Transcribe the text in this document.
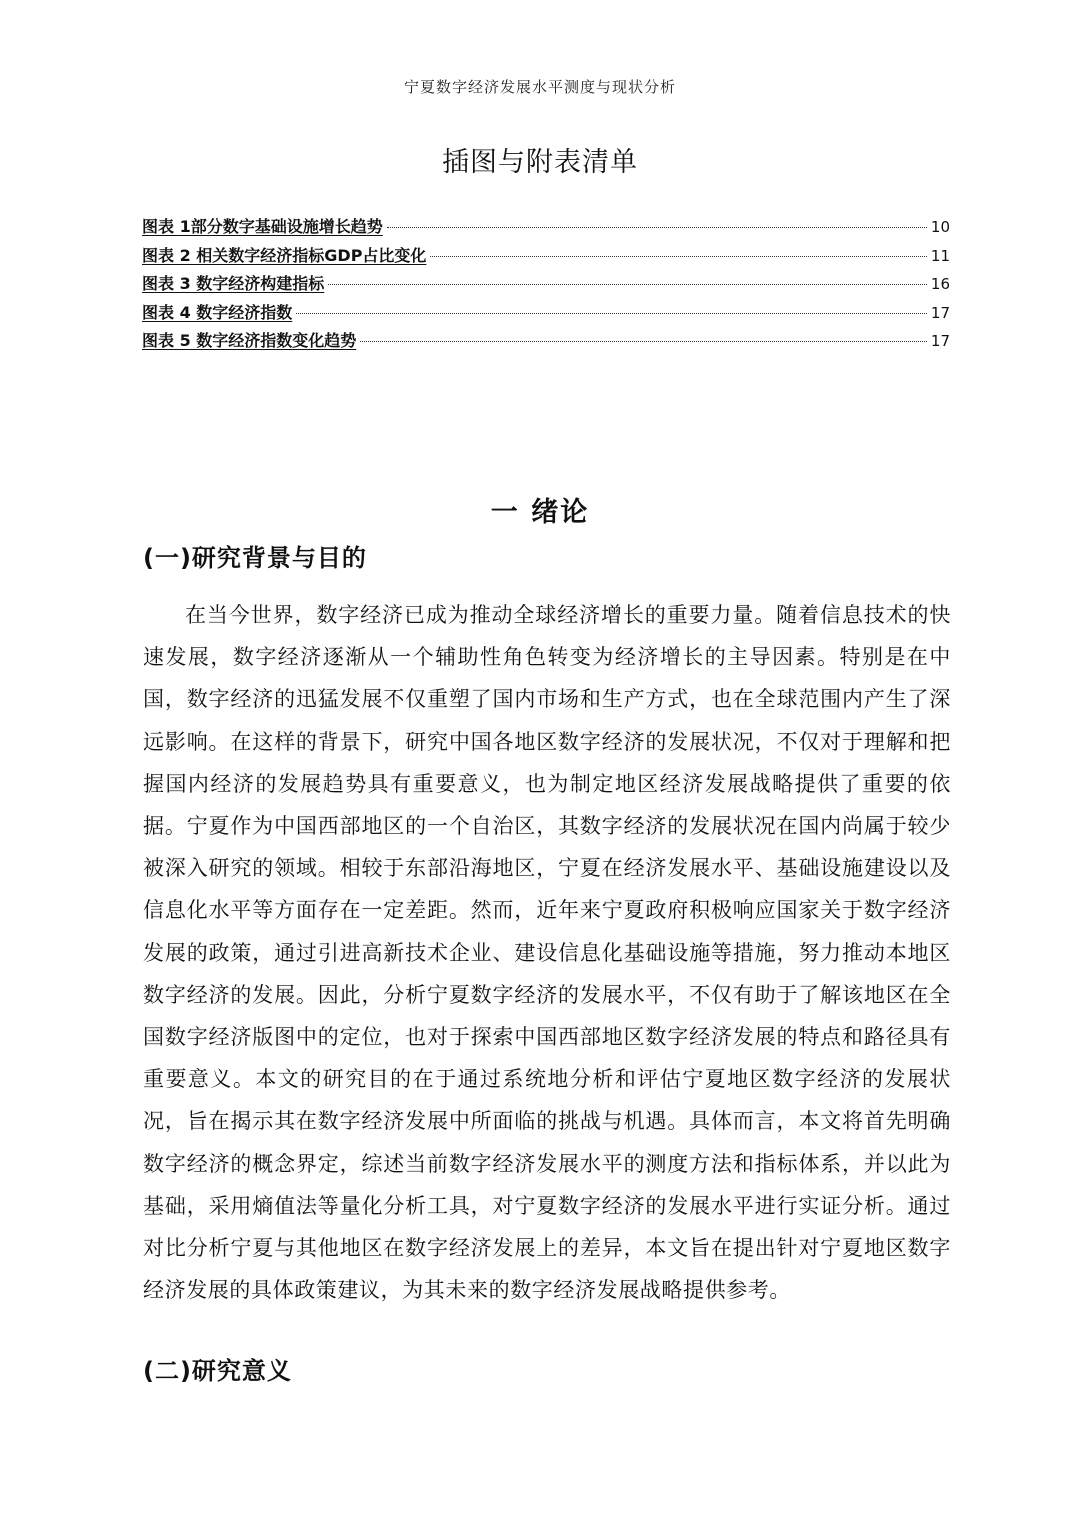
宁夏数字经济发展水平测度与现状分析
插图与附表清单
图表 1部分数字基础设施增长趋势	10
图表 2 相关数字经济指标GDP占比变化	11
图表 3 数字经济构建指标	16
图表 4 数字经济指数	17
图表 5 数字经济指数变化趋势	17
一 绪论
(一)研究背景与目的

在当今世界，数字经济已成为推动全球经济增长的重要力量。随着信息技术的快速发展，数字经济逐渐从一个辅助性角色转变为经济增长的主导因素。特别是在中国，数字经济的迅猛发展不仅重塑了国内市场和生产方式，也在全球范围内产生了深远影响。在这样的背景下，研究中国各地区数字经济的发展状况，不仅对于理解和把握国内经济的发展趋势具有重要意义，也为制定地区经济发展战略提供了重要的依据。宁夏作为中国西部地区的一个自治区，其数字经济的发展状况在国内尚属于较少被深入研究的领域。相较于东部沿海地区，宁夏在经济发展水平、基础设施建设以及信息化水平等方面存在一定差距。然而，近年来宁夏政府积极响应国家关于数字经济发展的政策，通过引进高新技术企业、建设信息化基础设施等措施，努力推动本地区数字经济的发展。因此，分析宁夏数字经济的发展水平，不仅有助于了解该地区在全国数字经济版图中的定位，也对于探索中国西部地区数字经济发展的特点和路径具有重要意义。本文的研究目的在于通过系统地分析和评估宁夏地区数字经济的发展状况，旨在揭示其在数字经济发展中所面临的挑战与机遇。具体而言，本文将首先明确数字经济的概念界定，综述当前数字经济发展水平的测度方法和指标体系，并以此为基础，采用熵值法等量化分析工具，对宁夏数字经济的发展水平进行实证分析。通过对比分析宁夏与其他地区在数字经济发展上的差异，本文旨在提出针对宁夏地区数字经济发展的具体政策建议，为其未来的数字经济发展战略提供参考。

(二)研究意义
